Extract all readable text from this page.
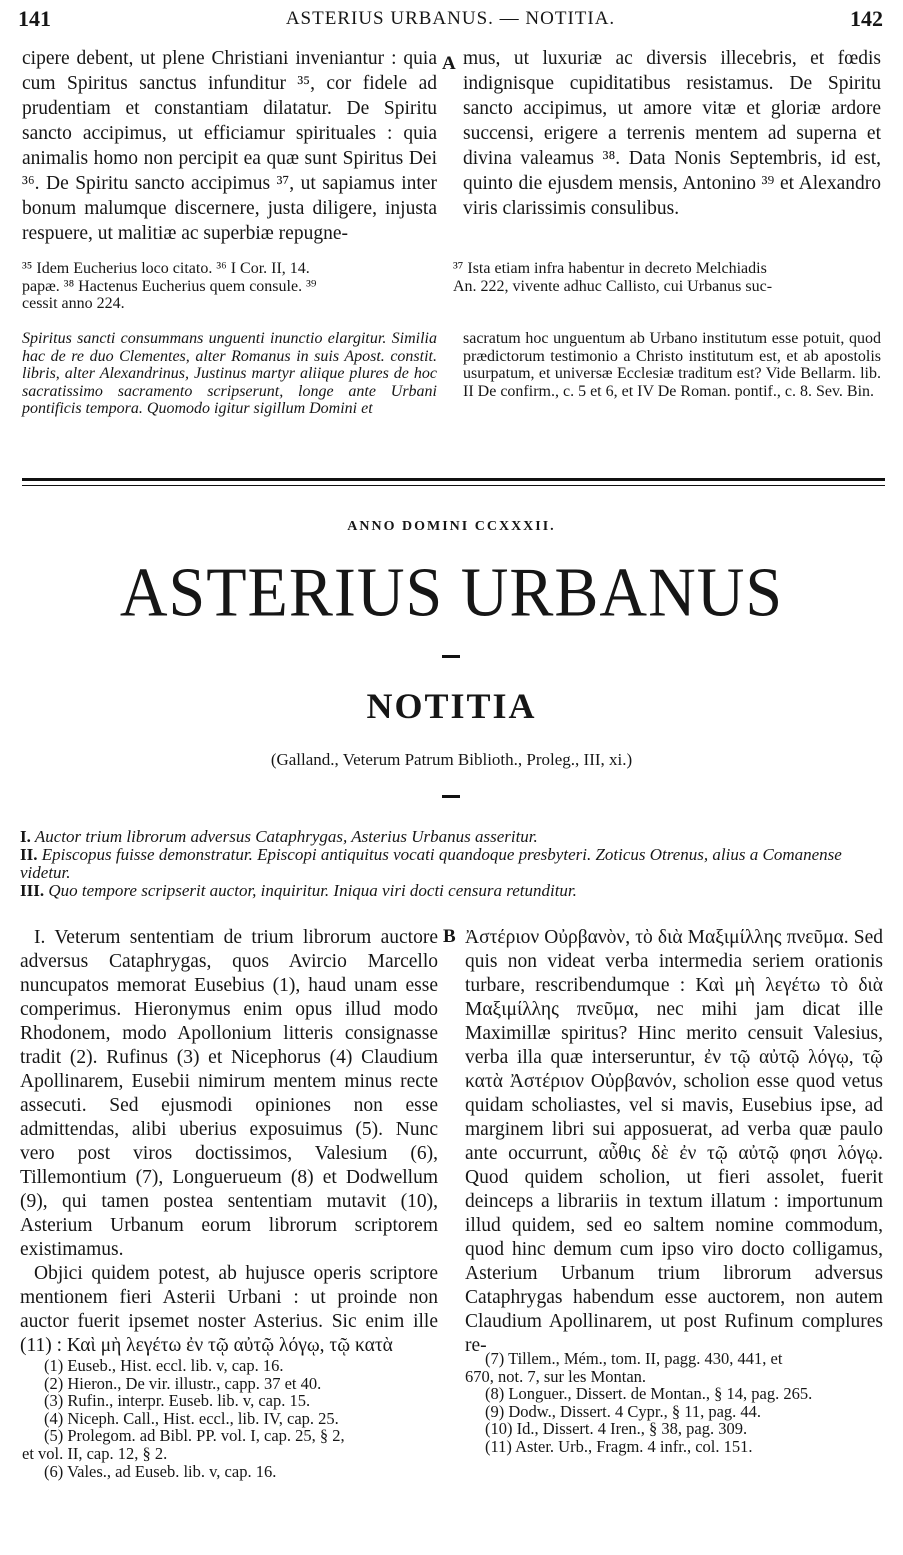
141	ASTERIUS URBANUS. — NOTITIA.	142

cipere debent, ut plene Christiani inveniantur : quia cum Spiritus sanctus infunditur ³⁵, cor fidele ad prudentiam et constantiam dilatatur. De Spiritu sancto accipimus, ut efficiamur spirituales : quia animalis homo non percipit ea quæ sunt Spiritus Dei ³⁶. De Spiritu sancto accipimus ³⁷, ut sapiamus inter bonum malumque discernere, justa diligere, injusta respuere, ut malitiæ ac superbiæ repugne-

A mus, ut luxuriæ ac diversis illecebris, et fœdis indignisque cupiditatibus resistamus. De Spiritu sancto accipimus, ut amore vitæ et gloriæ ardore succensi, erigere a terrenis mentem ad superna et divina valeamus ³⁸. Data Nonis Septembris, id est, quinto die ejusdem mensis, Antonino ³⁹ et Alexandro viris clarissimis consulibus.

³⁵ Idem Eucherius loco citato. ³⁶ I Cor. II, 14.

papæ. ³⁸ Hactenus Eucherius quem consule. ³⁹

cessit anno 224.

³⁷ Ista etiam infra habentur in decreto Melchiadis

An. 222, vivente adhuc Callisto, cui Urbanus suc-

Spiritus sancti consummans unguenti inunctio elargitur. Similia hac de re duo Clementes, alter Romanus in suis Apost. constit. libris, alter Alexandrinus, Justinus martyr aliique plures de hoc sacratissimo sacramento scripserunt, longe ante Urbani pontificis tempora. Quomodo igitur sigillum Domini et

sacratum hoc unguentum ab Urbano institutum esse potuit, quod prædictorum testimonio a Christo institutum est, et ab apostolis usurpatum, et universæ Ecclesiæ traditum est? Vide Bellarm. lib. II De confirm., c. 5 et 6, et IV De Roman. pontif., c. 8. Sev. Bin.

ANNO DOMINI CCXXXII.
ASTERIUS URBANUS
NOTITIA
(Galland., Veterum Patrum Biblioth., Proleg., III, xi.)

I. Auctor trium librorum adversus Cataphrygas, Asterius Urbanus asseritur.

II. Episcopus fuisse demonstratur. Episcopi antiquitus vocati quandoque presbyteri. Zoticus Otrenus, alius a Comanense videtur.

III. Quo tempore scripserit auctor, inquiritur. Iniqua viri docti censura retunditur.

I. Veterum sententiam de trium librorum auctore adversus Cataphrygas, quos Avircio Marcello nuncupatos memorat Eusebius (1), haud unam esse comperimus. Hieronymus enim opus illud modo Rhodonem, modo Apollonium litteris consignasse tradit (2). Rufinus (3) et Nicephorus (4) Claudium Apollinarem, Eusebii nimirum mentem minus recte assecuti. Sed ejusmodi opiniones non esse admittendas, alibi uberius exposuimus (5). Nunc vero post viros doctissimos, Valesium (6), Tillemontium (7), Longuerueum (8) et Dodwellum (9), qui tamen postea sententiam mutavit (10), Asterium Urbanum eorum librorum scriptorem existimamus.

Objici quidem potest, ab hujusce operis scriptore mentionem fieri Asterii Urbani : ut proinde non auctor fuerit ipsemet noster Asterius. Sic enim ille (11) : Καὶ μὴ λεγέτω ἐν τῷ αὐτῷ λόγῳ, τῷ κατὰ

B Ἀστέριον Οὐρβανὸν, τὸ διὰ Μαξιμίλλης πνεῦμα. Sed quis non videat verba intermedia seriem orationis turbare, rescribendumque : Καὶ μὴ λεγέτω τὸ διὰ Μαξιμίλλης πνεῦμα, nec mihi jam dicat ille Maximillæ spiritus? Hinc merito censuit Valesius, verba illa quæ interseruntur, ἐν τῷ αὐτῷ λόγῳ, τῷ κατὰ Ἀστέριον Οὐρβανόν, scholion esse quod vetus quidam scholiastes, vel si mavis, Eusebius ipse, ad marginem libri sui apposuerat, ad verba quæ paulo ante occurrunt, αὖθις δὲ ἐν τῷ αὐτῷ φησι λόγῳ. Quod quidem scholion, ut fieri assolet, fuerit deinceps a librariis in textum illatum : importunum illud quidem, sed eo saltem nomine commodum, quod hinc demum cum ipso viro docto colligamus, Asterium Urbanum trium librorum adversus Cataphrygas habendum esse auctorem, non autem Claudium Apollinarem, ut post Rufinum complures re-

(1) Euseb., Hist. eccl. lib. v, cap. 16.

(2) Hieron., De vir. illustr., capp. 37 et 40.

(3) Rufin., interpr. Euseb. lib. v, cap. 15.

(4) Niceph. Call., Hist. eccl., lib. IV, cap. 25.

(5) Prolegom. ad Bibl. PP. vol. I, cap. 25, § 2,

et vol. II, cap. 12, § 2.

(6) Vales., ad Euseb. lib. v, cap. 16.

(7) Tillem., Mém., tom. II, pagg. 430, 441, et

670, not. 7, sur les Montan.

(8) Longuer., Dissert. de Montan., § 14, pag. 265.

(9) Dodw., Dissert. 4 Cypr., § 11, pag. 44.

(10) Id., Dissert. 4 Iren., § 38, pag. 309.

(11) Aster. Urb., Fragm. 4 infr., col. 151.
